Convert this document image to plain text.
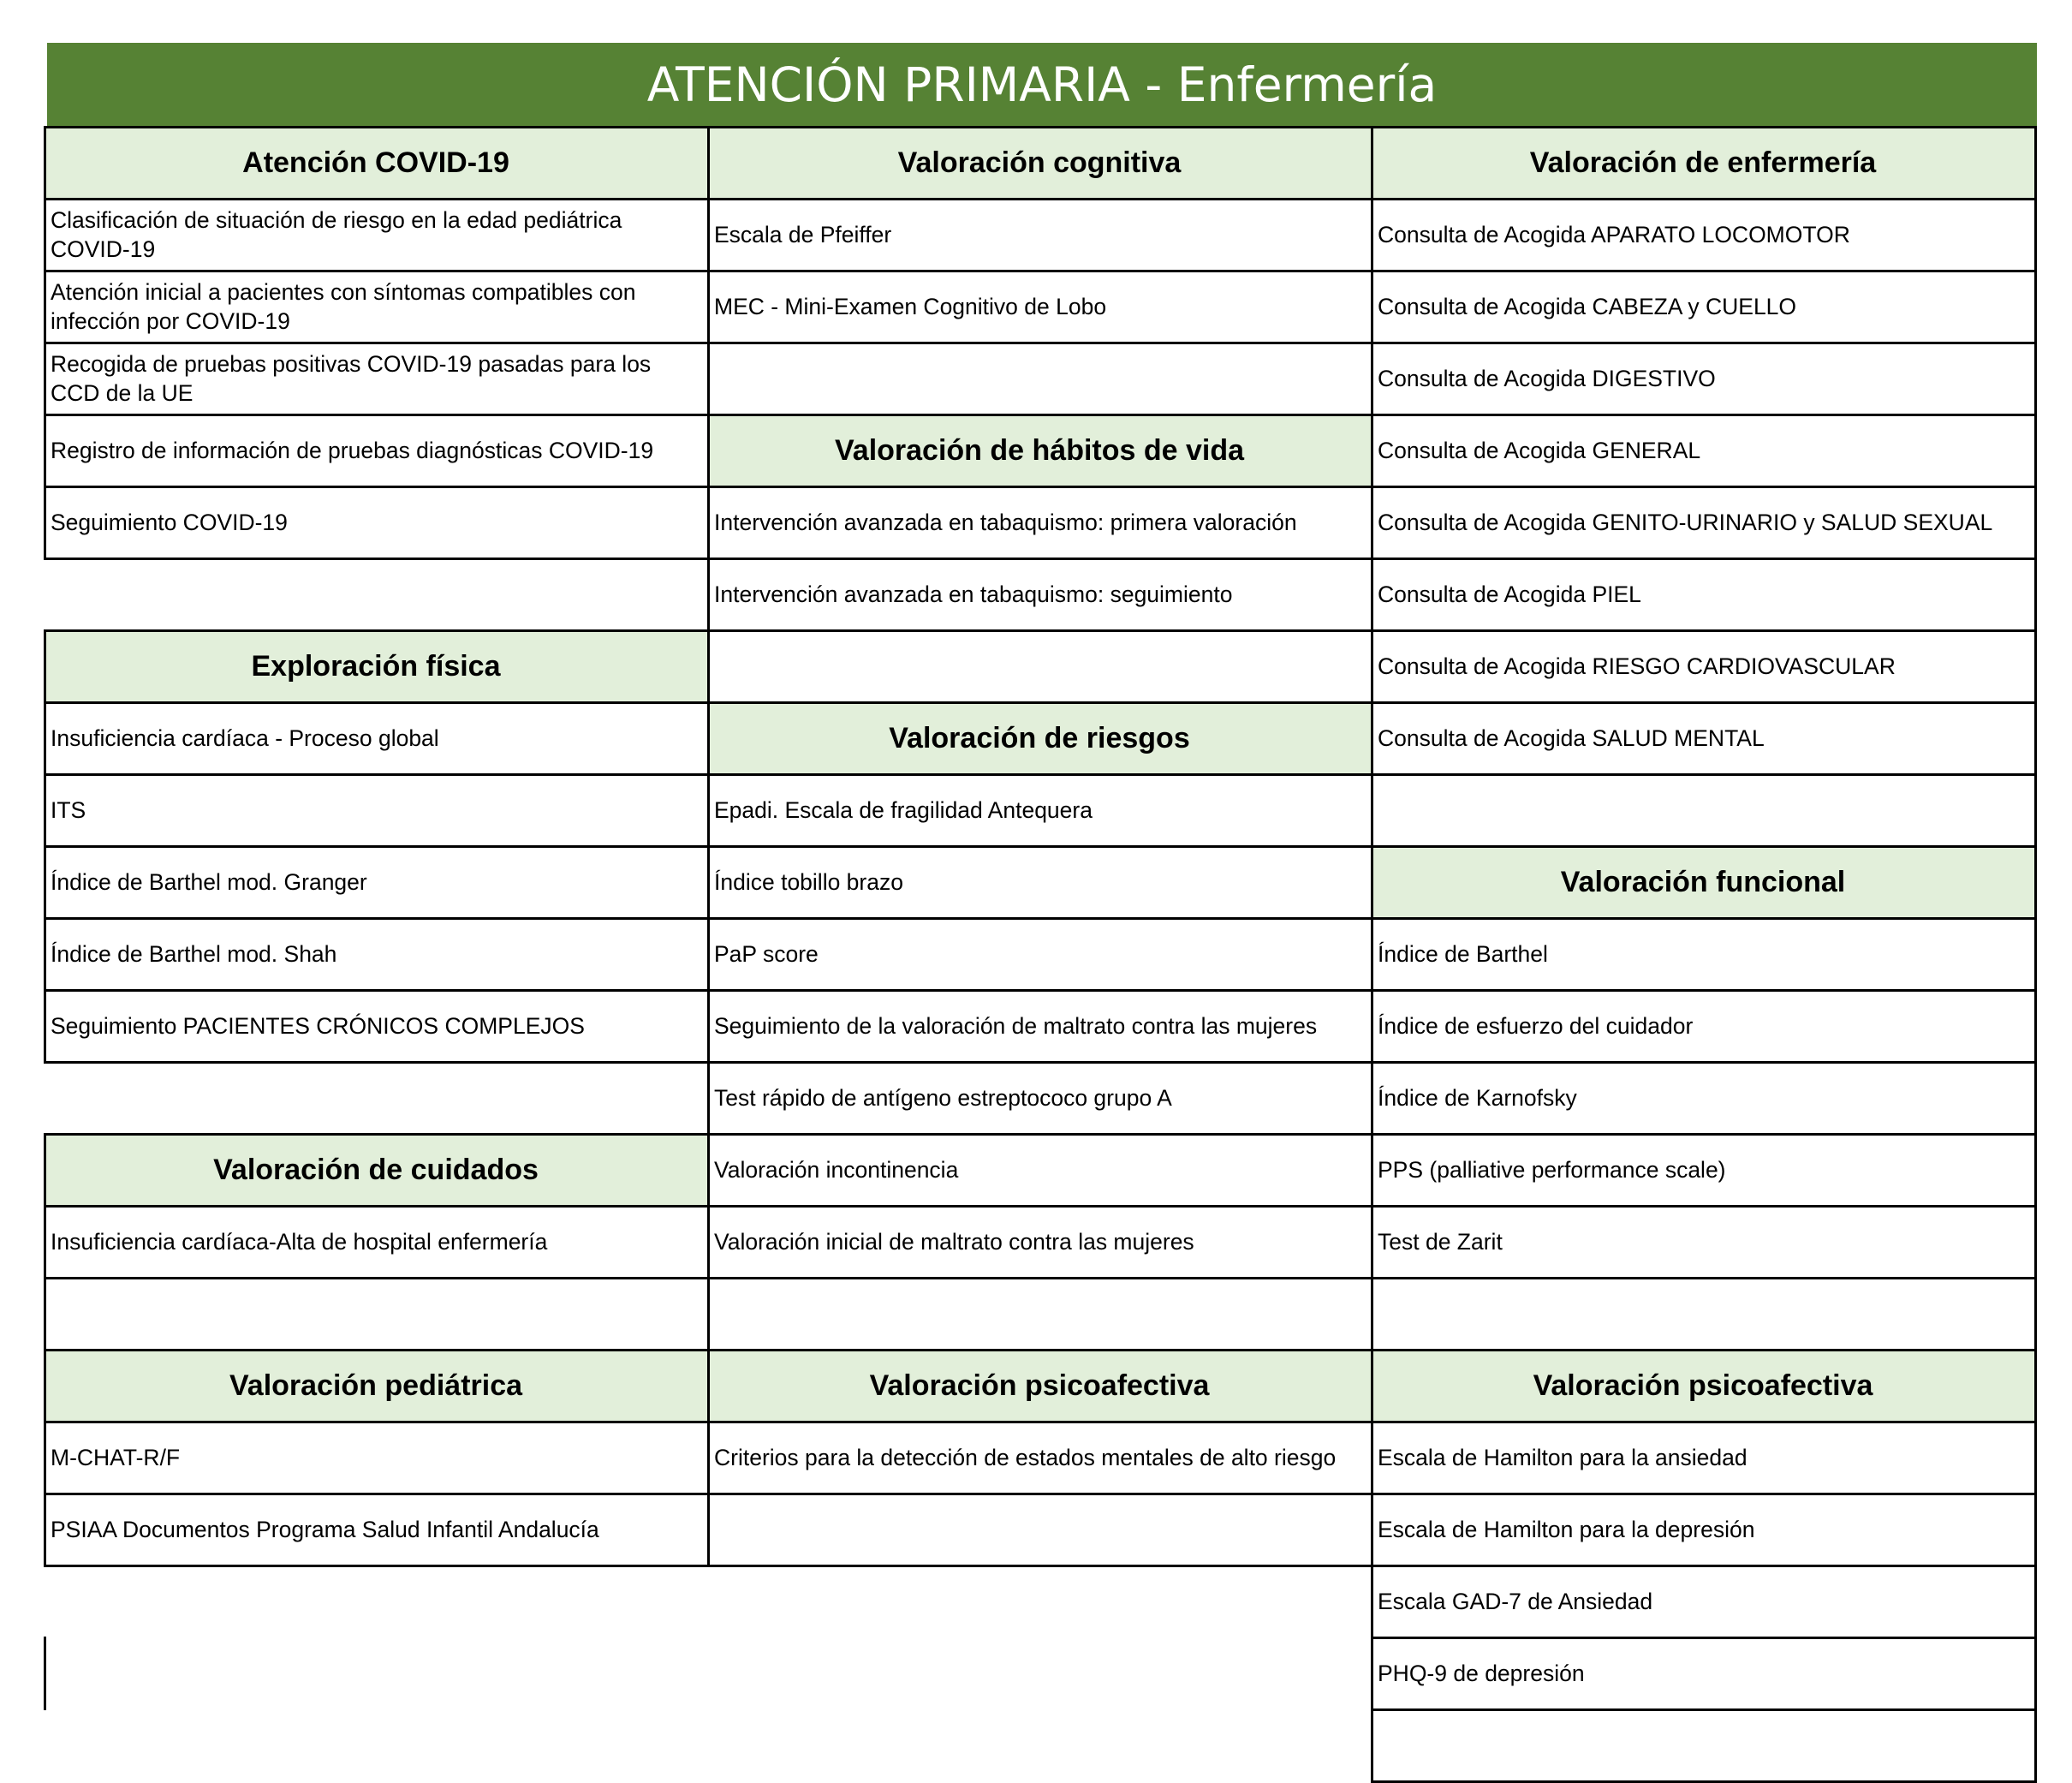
ATENCIÓN PRIMARIA - Enfermería
Atención COVID-19
Clasificación de situación de riesgo en la edad pediátrica COVID-19
Atención inicial a pacientes con síntomas compatibles con infección por COVID-19
Recogida de pruebas positivas COVID-19 pasadas para los CCD de la UE
Registro de información de pruebas diagnósticas COVID-19
Seguimiento COVID-19
Exploración física
Insuficiencia cardíaca - Proceso global
ITS
Índice de Barthel mod. Granger
Índice de Barthel mod. Shah
Seguimiento PACIENTES CRÓNICOS COMPLEJOS
Valoración de cuidados
Insuficiencia cardíaca-Alta de hospital enfermería
Valoración pediátrica
M-CHAT-R/F
PSIAA Documentos Programa Salud Infantil Andalucía
Valoración cognitiva
Escala de Pfeiffer
MEC - Mini-Examen Cognitivo de Lobo
Valoración de hábitos de vida
Intervención avanzada en tabaquismo: primera valoración
Intervención avanzada en tabaquismo: seguimiento
Valoración de riesgos
Epadi. Escala de fragilidad Antequera
Índice tobillo brazo
PaP score
Seguimiento de la valoración de maltrato contra las mujeres
Test rápido de antígeno estreptococo grupo A
Valoración incontinencia
Valoración inicial de maltrato contra las mujeres
Valoración psicoafectiva
Criterios para la detección de estados mentales de alto riesgo
Valoración de enfermería
Consulta de Acogida APARATO LOCOMOTOR
Consulta de Acogida CABEZA y CUELLO
Consulta de Acogida DIGESTIVO
Consulta de Acogida GENERAL
Consulta de Acogida GENITO-URINARIO y SALUD SEXUAL
Consulta de Acogida PIEL
Consulta de Acogida RIESGO CARDIOVASCULAR
Consulta de Acogida SALUD MENTAL
Valoración funcional
Índice de Barthel
Índice de esfuerzo del cuidador
Índice de Karnofsky
PPS (palliative performance scale)
Test de Zarit
Valoración psicoafectiva
Escala de Hamilton para la ansiedad
Escala de Hamilton para la depresión
Escala GAD-7 de Ansiedad
PHQ-9 de depresión
